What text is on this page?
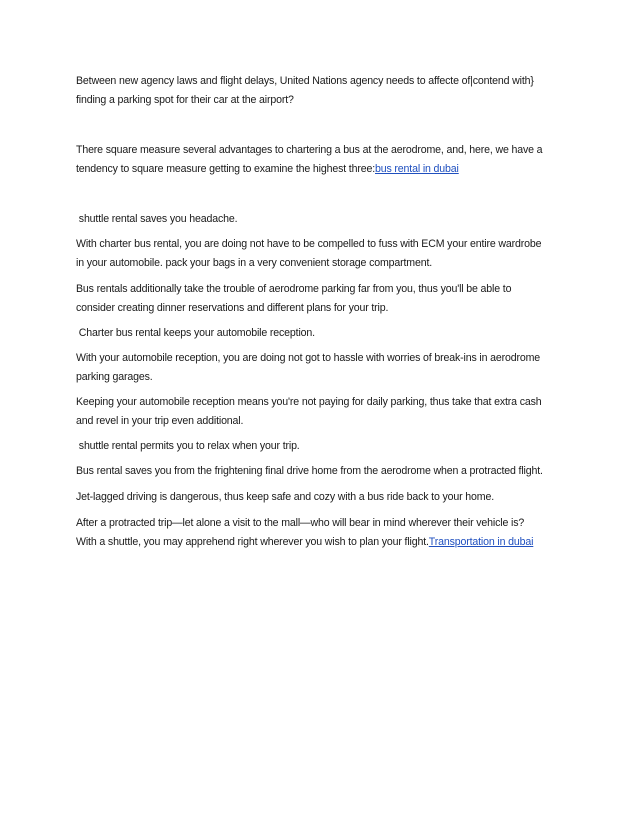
Between new agency laws and flight delays, United Nations agency needs to affecte of|contend with}
finding a parking spot for their car at the airport?

There square measure several advantages to chartering a bus at the aerodrome, and, here, we have a
tendency to square measure getting to examine the highest three:bus rental in dubai

shuttle rental saves you headache.

With charter bus rental, you are doing not have to be compelled to fuss with ECM your entire wardrobe
in your automobile. pack your bags in a very convenient storage compartment.

Bus rentals additionally take the trouble of aerodrome parking far from you, thus you'll be able to
consider creating dinner reservations and different plans for your trip.

Charter bus rental keeps your automobile reception.

With your automobile reception, you are doing not got to hassle with worries of break-ins in aerodrome
parking garages.

Keeping your automobile reception means you're not paying for daily parking, thus take that extra cash
and revel in your trip even additional.

shuttle rental permits you to relax when your trip.

Bus rental saves you from the frightening final drive home from the aerodrome when a protracted flight.

Jet-lagged driving is dangerous, thus keep safe and cozy with a bus ride back to your home.

After a protracted trip—let alone a visit to the mall—who will bear in mind wherever their vehicle is?
With a shuttle, you may apprehend right wherever you wish to plan your flight.Transportation in dubai
